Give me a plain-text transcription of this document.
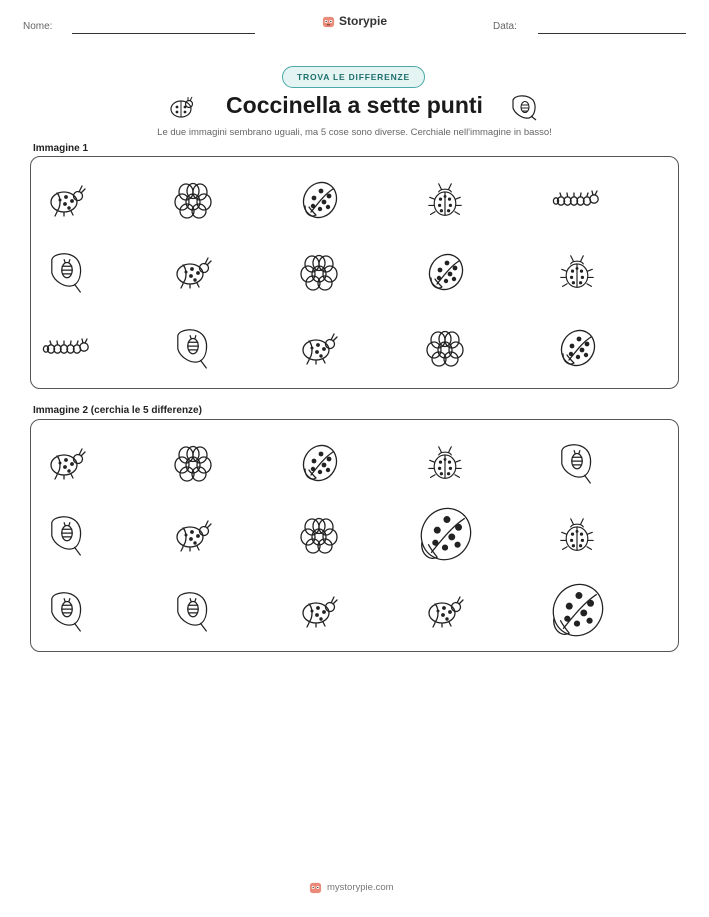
Nome:	Storypie	Data:
TROVA LE DIFFERENZE
Coccinella a sette punti
Le due immagini sembrano uguali, ma 5 cose sono diverse. Cerchiale nell'immagine in basso!
Immagine 1
Immagine 2 (cerchia le 5 differenze)
mystorypie.com
